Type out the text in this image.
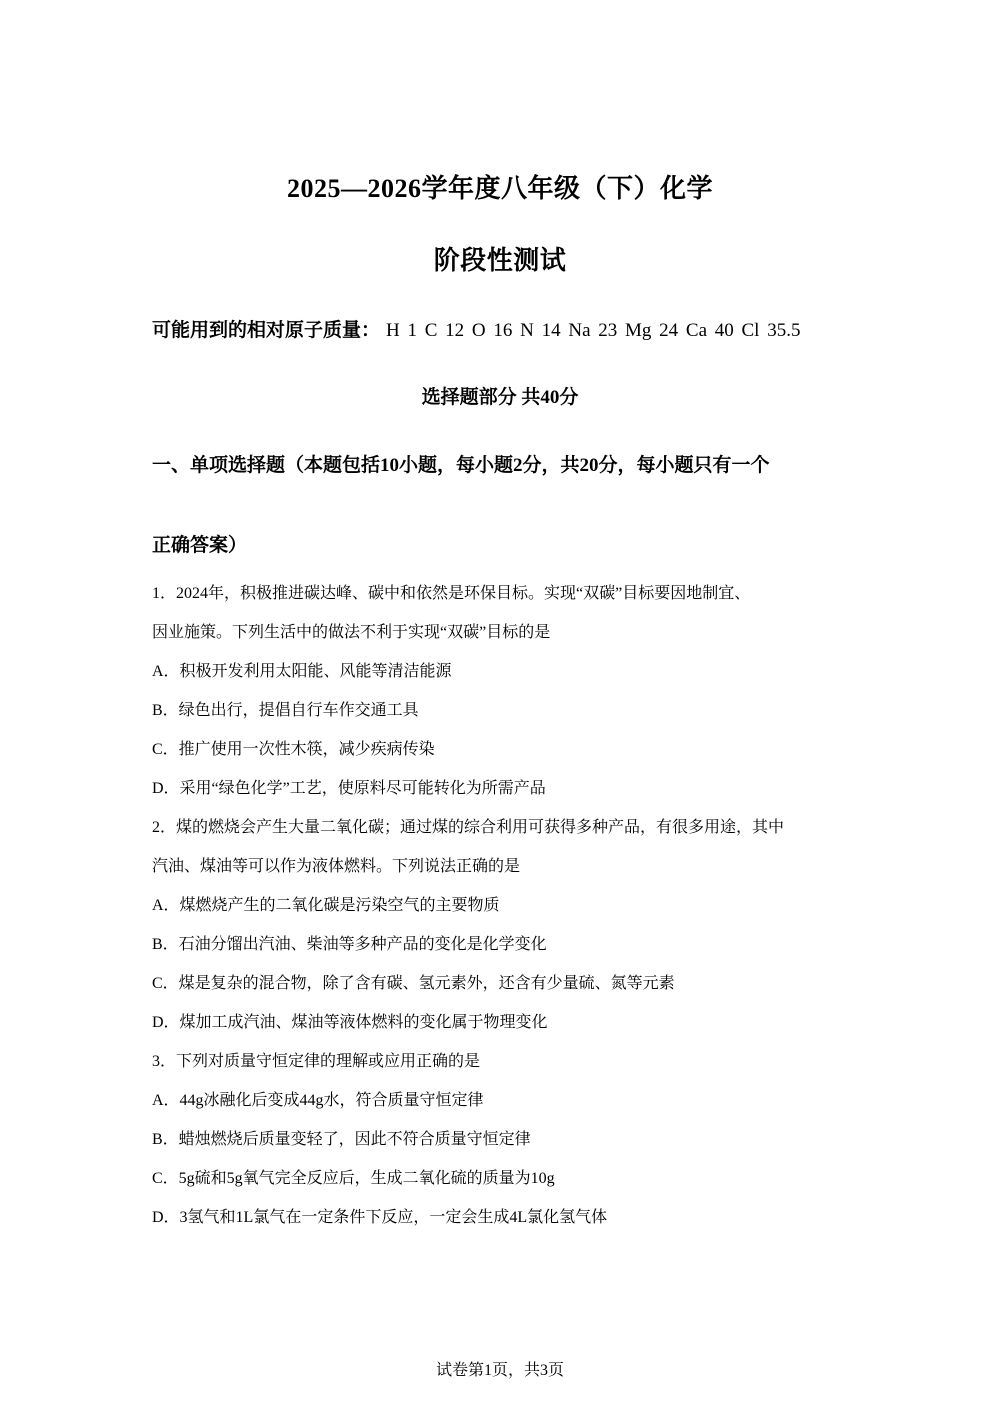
2025—2026学年度八年级（下）化学
阶段性测试
可能用到的相对原子质量： H 1 C 12 O 16 N 14 Na 23 Mg 24 Ca 40 Cl 35.5
选择题部分 共40分
一、单项选择题（本题包括10小题，每小题2分，共20分，每小题只有一个
正确答案）
1．2024年，积极推进碳达峰、碳中和依然是环保目标。实现“双碳”目标要因地制宜、
因业施策。下列生活中的做法不利于实现“双碳”目标的是
A．积极开发利用太阳能、风能等清洁能源
B．绿色出行，提倡自行车作交通工具
C．推广使用一次性木筷，减少疾病传染
D．采用“绿色化学”工艺，使原料尽可能转化为所需产品
2．煤的燃烧会产生大量二氧化碳；通过煤的综合利用可获得多种产品，有很多用途，其中
汽油、煤油等可以作为液体燃料。下列说法正确的是
A．煤燃烧产生的二氧化碳是污染空气的主要物质
B．石油分馏出汽油、柴油等多种产品的变化是化学变化
C．煤是复杂的混合物，除了含有碳、氢元素外，还含有少量硫、氮等元素
D．煤加工成汽油、煤油等液体燃料的变化属于物理变化
3．下列对质量守恒定律的理解或应用正确的是
A．44g冰融化后变成44g水，符合质量守恒定律
B．蜡烛燃烧后质量变轻了，因此不符合质量守恒定律
C．5g硫和5g氧气完全反应后，生成二氧化硫的质量为10g
D．3氢气和1L氯气在一定条件下反应，一定会生成4L氯化氢气体
试卷第1页，共3页
